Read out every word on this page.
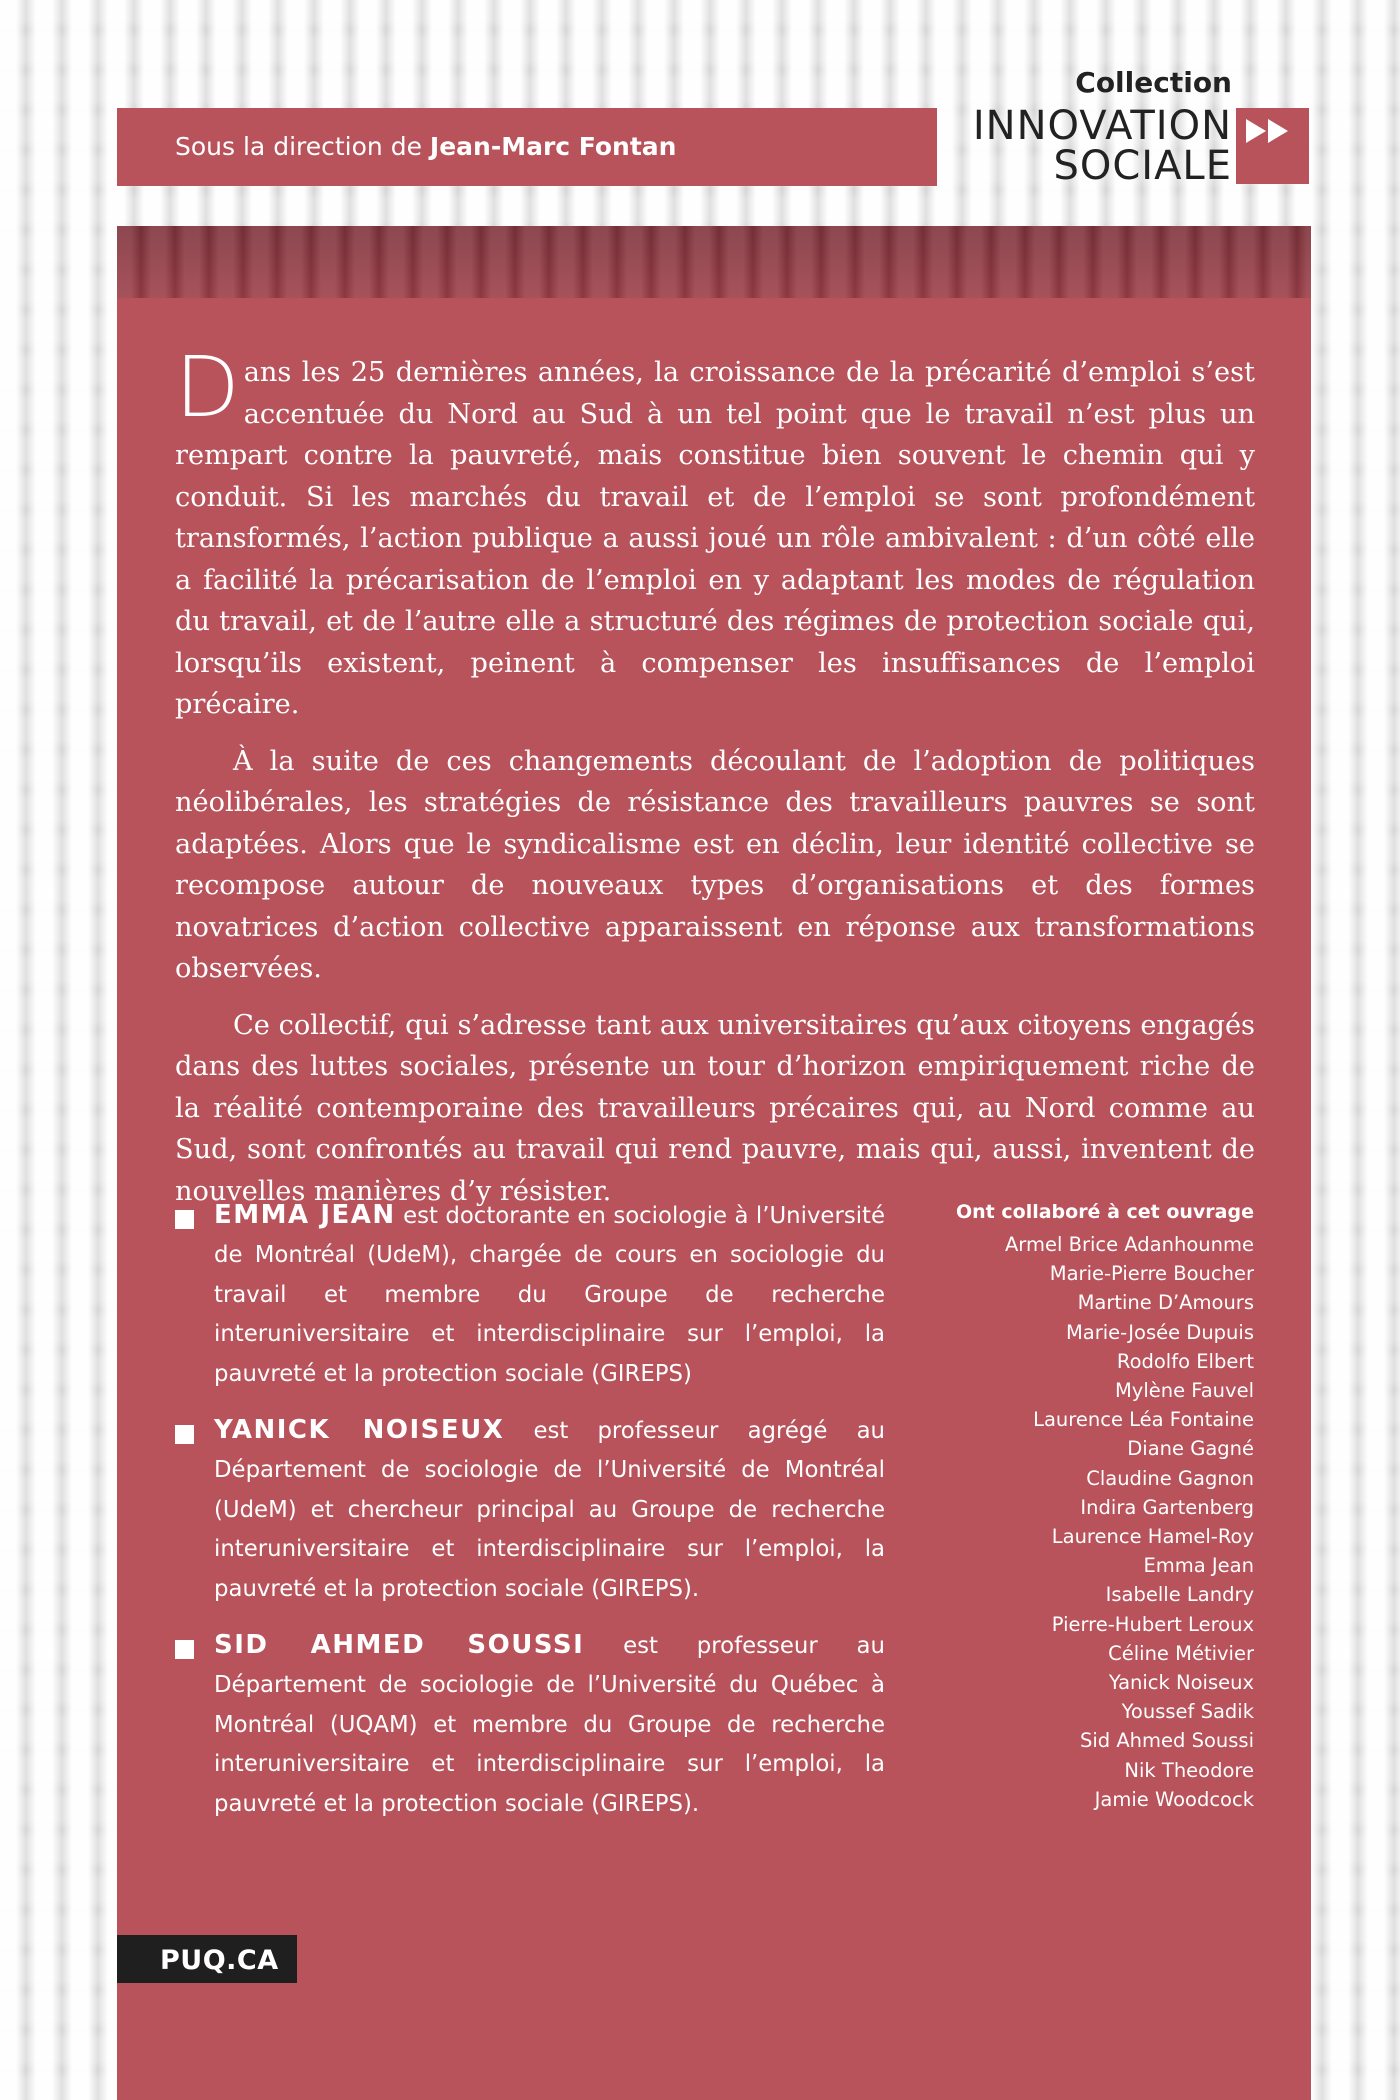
Sous la direction de Jean-Marc Fontan
Collection
INNOVATION
SOCIALE

Dans les 25 dernières années, la croissance de la précarité d’emploi s’est accentuée du Nord au Sud à un tel point que le travail n’est plus un rempart contre la pauvreté, mais constitue bien souvent le chemin qui y conduit. Si les marchés du travail et de l’emploi se sont profondément transformés, l’action publique a aussi joué un rôle ambivalent : d’un côté elle a facilité la précarisation de l’emploi en y adaptant les modes de régulation du travail, et de l’autre elle a structuré des régimes de protection sociale qui, lorsqu’ils existent, peinent à compenser les insuffisances de l’emploi précaire.

À la suite de ces changements découlant de l’adoption de politiques néolibérales, les stratégies de résistance des travailleurs pauvres se sont adaptées. Alors que le syndicalisme est en déclin, leur identité collective se recompose autour de nouveaux types d’organisations et des formes novatrices d’action collective apparaissent en réponse aux transformations observées.

Ce collectif, qui s’adresse tant aux universitaires qu’aux citoyens engagés dans des luttes sociales, présente un tour d’horizon empiriquement riche de la réalité contemporaine des travailleurs précaires qui, au Nord comme au Sud, sont confrontés au travail qui rend pauvre, mais qui, aussi, inventent de nouvelles manières d’y résister.

EMMA JEAN est doctorante en sociologie à l’Université de Montréal (UdeM), chargée de cours en sociologie du travail et membre du Groupe de recherche interuniversitaire et interdisciplinaire sur l’emploi, la pauvreté et la protection sociale (GIREPS)
YANICK NOISEUX est professeur agrégé au Département de sociologie de l’Université de Montréal (UdeM) et chercheur principal au Groupe de recherche interuniversitaire et interdisciplinaire sur l’emploi, la pauvreté et la protection sociale (GIREPS).
SID AHMED SOUSSI est professeur au Département de sociologie de l’Université du Québec à Montréal (UQAM) et membre du Groupe de recherche interuniversitaire et interdisciplinaire sur l’emploi, la pauvreté et la protection sociale (GIREPS).
Ont collaboré à cet ouvrage
Armel Brice Adanhounme
Marie-Pierre Boucher
Martine D’Amours
Marie-Josée Dupuis
Rodolfo Elbert
Mylène Fauvel
Laurence Léa Fontaine
Diane Gagné
Claudine Gagnon
Indira Gartenberg
Laurence Hamel-Roy
Emma Jean
Isabelle Landry
Pierre-Hubert Leroux
Céline Métivier
Yanick Noiseux
Youssef Sadik
Sid Ahmed Soussi
Nik Theodore
Jamie Woodcock
PUQ.CA
